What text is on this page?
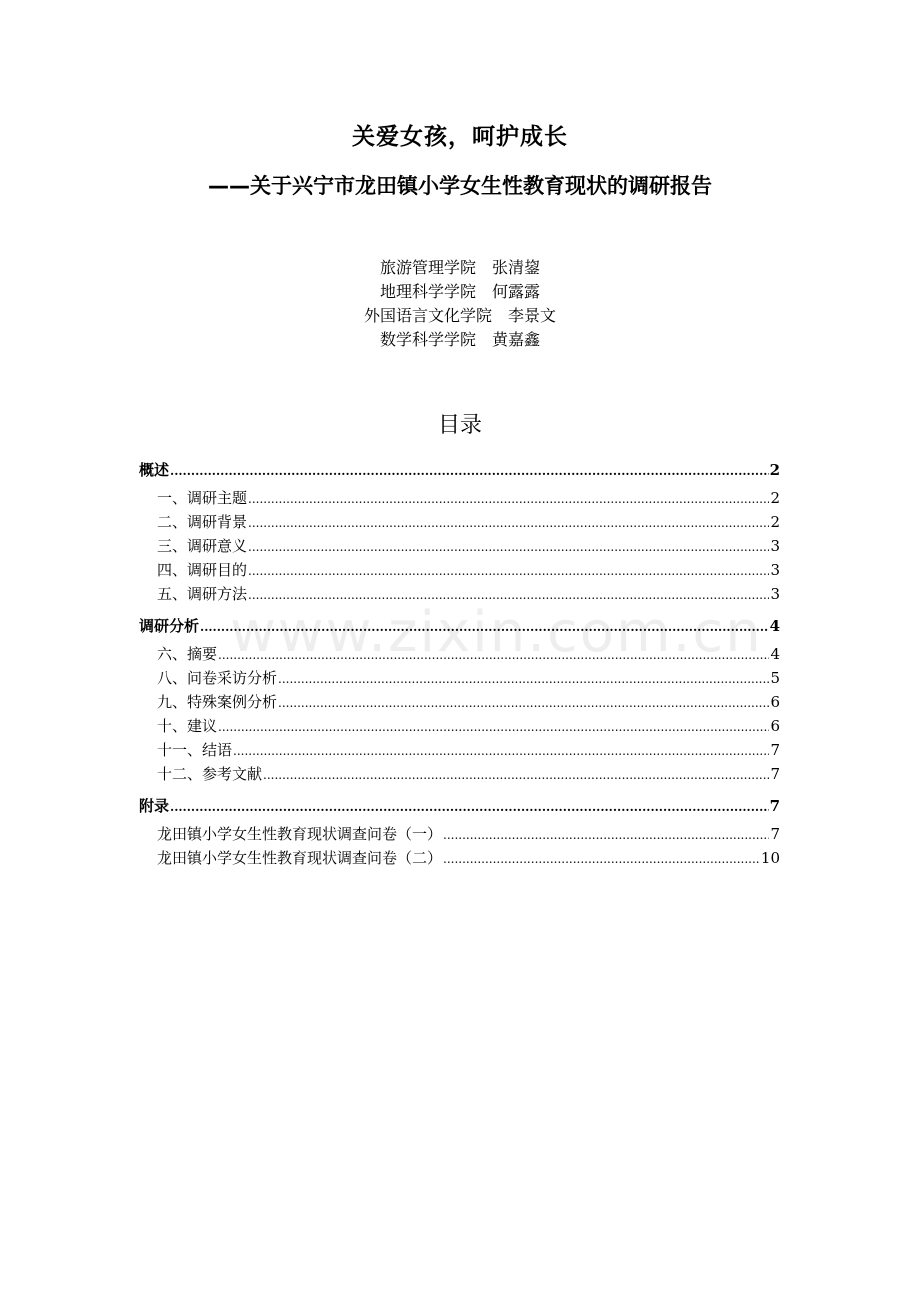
www.zixin.com.cn
关爱女孩，呵护成长
——关于兴宁市龙田镇小学女生性教育现状的调研报告
旅游管理学院　张清鋆
地理科学学院　何露露
外国语言文化学院　李景文
数学科学学院　黄嘉鑫
目录
概述 .....	2
一、调研主题 .....	2
二、调研背景 .....	2
三、调研意义 .....	3
四、调研目的 .....	3
五、调研方法 .....	3
调研分析 .....	4
六、摘要 .....	4
八、问卷采访分析 .....	5
九、特殊案例分析 .....	6
十、建议 .....	6
十一、结语 .....	7
十二、参考文献 .....	7
附录 .....	7
龙田镇小学女生性教育现状调查问卷（一） .....	7
龙田镇小学女生性教育现状调查问卷（二） .....	10
